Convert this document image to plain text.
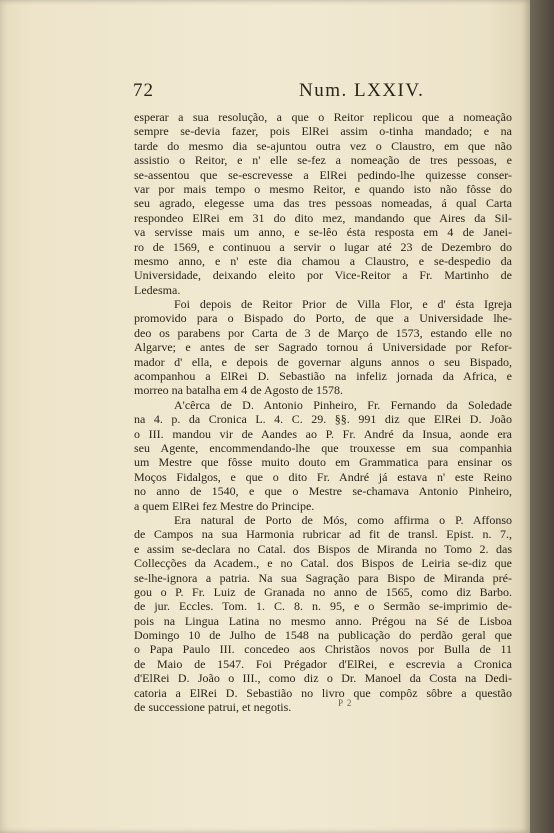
72	Num. LXXIV.

esperar a sua resolução, a que o Reitor replicou que a nomeação
sempre se-devia fazer, pois ElRei assim o-tinha mandado; e na
tarde do mesmo dia se-ajuntou outra vez o Claustro, em que não
assistio o Reitor, e n' elle se-fez a nomeação de tres pessoas, e
se-assentou que se-escrevesse a ElRei pedindo-lhe quizesse conser-
var por mais tempo o mesmo Reitor, e quando isto não fôsse do
seu agrado, elegesse uma das tres pessoas nomeadas, á qual Carta
respondeo ElRei em 31 do dito mez, mandando que Aires da Sil-
va servisse mais um anno, e se-lêo ésta resposta em 4 de Janei-
ro de 1569, e continuou a servir o lugar até 23 de Dezembro do
mesmo anno, e n' este dia chamou a Claustro, e se-despedio da
Universidade, deixando eleito por Vice-Reitor a Fr. Martinho de
Ledesma.

Foi depois de Reitor Prior de Villa Flor, e d' ésta Igreja
promovido para o Bispado do Porto, de que a Universidade lhe-
deo os parabens por Carta de 3 de Março de 1573, estando elle no
Algarve; e antes de ser Sagrado tornou á Universidade por Refor-
mador d' ella, e depois de governar alguns annos o seu Bispado,
acompanhou a ElRei D. Sebastião na infeliz jornada da Africa, e
morreo na batalha em 4 de Agosto de 1578.

A'cêrca de D. Antonio Pinheiro, Fr. Fernando da Soledade
na 4. p. da Cronica L. 4. C. 29. §§. 991 diz que ElRei D. João
o III. mandou vir de Aandes ao P. Fr. André da Insua, aonde era
seu Agente, encommendando-lhe que trouxesse em sua companhia
um Mestre que fôsse muito douto em Grammatica para ensinar os
Moços Fidalgos, e que o dito Fr. André já estava n' este Reino
no anno de 1540, e que o Mestre se-chamava Antonio Pinheiro,
a quem ElRei fez Mestre do Principe.

Era natural de Porto de Mós, como affirma o P. Affonso
de Campos na sua Harmonia rubricar ad fit de transl. Epist. n. 7.,
e assim se-declara no Catal. dos Bispos de Miranda no Tomo 2. das
Collecções da Academ., e no Catal. dos Bispos de Leiria se-diz que
se-lhe-ignora a patria. Na sua Sagração para Bispo de Miranda pré-
gou o P. Fr. Luiz de Granada no anno de 1565, como diz Barbo.
de jur. Eccles. Tom. 1. C. 8. n. 95, e o Sermão se-imprimio de-
pois na Lingua Latina no mesmo anno. Prégou na Sé de Lisboa
Domingo 10 de Julho de 1548 na publicação do perdão geral que
o Papa Paulo III. concedeo aos Christãos novos por Bulla de 11
de Maio de 1547. Foi Prégador d'ElRei, e escrevia a Cronica
d'ElRei D. João o III., como diz o Dr. Manoel da Costa na Dedi-
catoria a ElRei D. Sebastião no livro que compôz sôbre a questão
de successione patrui, et negotis.	P 2
